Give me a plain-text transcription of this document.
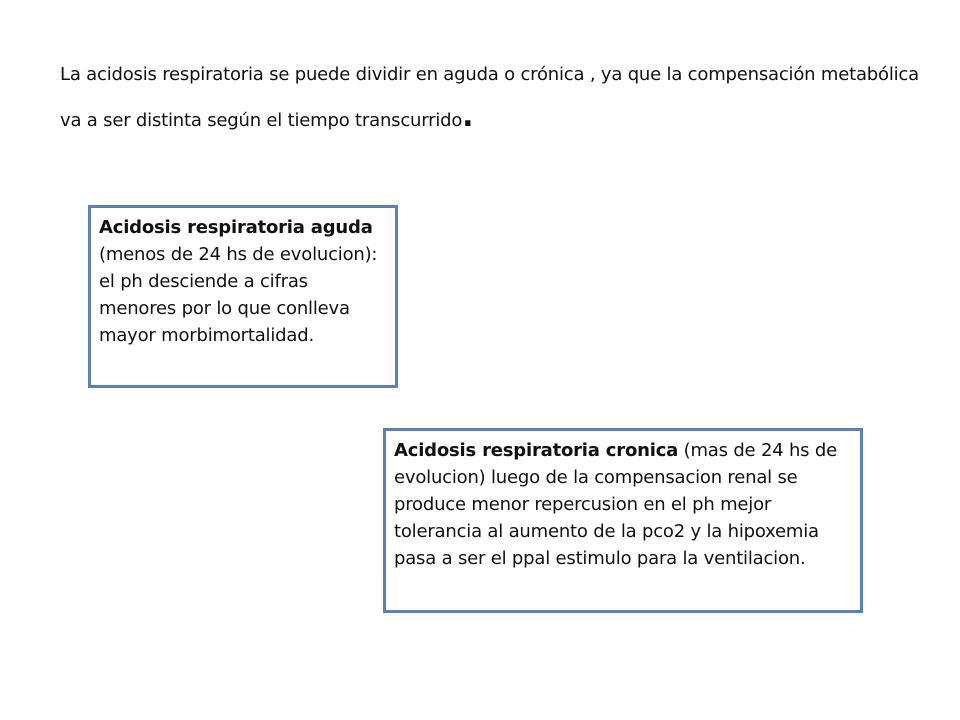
La acidosis respiratoria se puede dividir en aguda o crónica , ya que la compensación metabólica va a ser distinta según el tiempo transcurrido.

Acidosis respiratoria aguda (menos de 24 hs de evolucion): el ph desciende a cifras menores por lo que conlleva mayor morbimortalidad.
Acidosis respiratoria cronica (mas de 24 hs de evolucion) luego de la compensacion renal se produce menor repercusion en el ph mejor tolerancia al aumento de la pco2 y la hipoxemia pasa a ser el ppal estimulo para la ventilacion.
